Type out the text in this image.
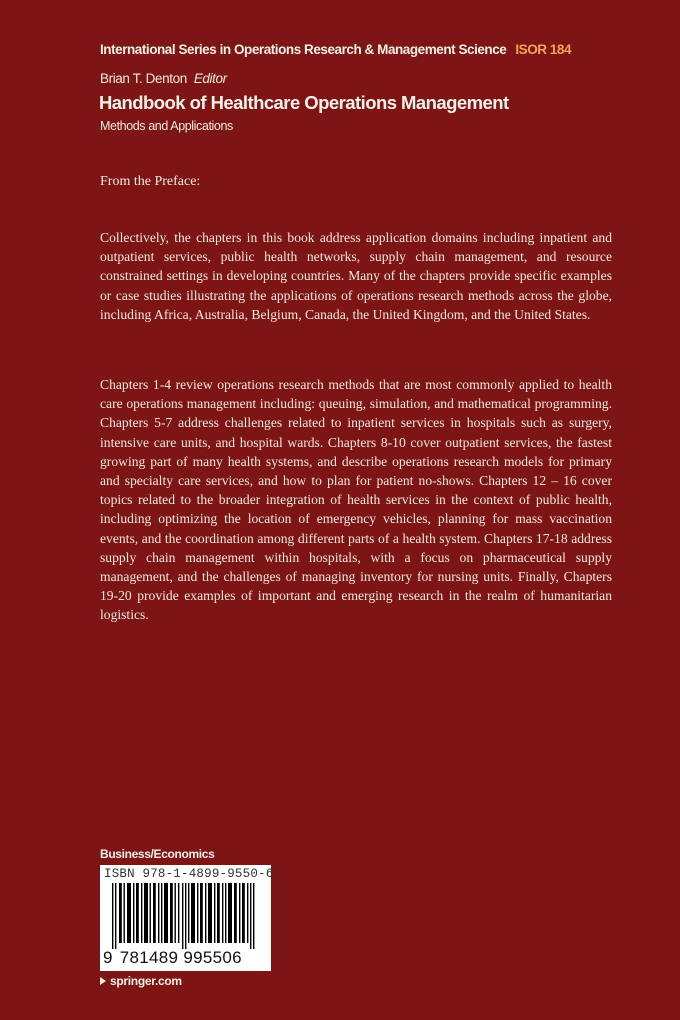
International Series in Operations Research & Management Science ISOR 184
Brian T. Denton Editor
Handbook of Healthcare Operations Management
Methods and Applications
From the Preface:

Collectively, the chapters in this book address application domains including inpatient and outpatient services, public health networks, supply chain management, and resource constrained settings in developing countries. Many of the chapters provide specific examples or case studies illustrating the applications of operations research methods across the globe, including Africa, Australia, Belgium, Canada, the United Kingdom, and the United States.

Chapters 1-4 review operations research methods that are most commonly applied to health care operations management including: queuing, simulation, and mathematical programming. Chapters 5-7 address challenges related to inpatient services in hospitals such as surgery, intensive care units, and hospital wards. Chapters 8-10 cover outpatient services, the fastest growing part of many health systems, and describe operations research models for primary and specialty care services, and how to plan for patient no-shows. Chapters 12 – 16 cover topics related to the broader integration of health services in the context of public health, including optimizing the location of emergency vehicles, planning for mass vaccination events, and the coordination among different parts of a health system. Chapters 17-18 address supply chain management within hospitals, with a focus on pharmaceutical supply management, and the challenges of managing inventory for nursing units. Finally, Chapters 19-20 provide examples of important and emerging research in the realm of humanitarian logistics.

Business/Economics
ISBN 978-1-4899-9550-6
9 781489 995506
springer.com
